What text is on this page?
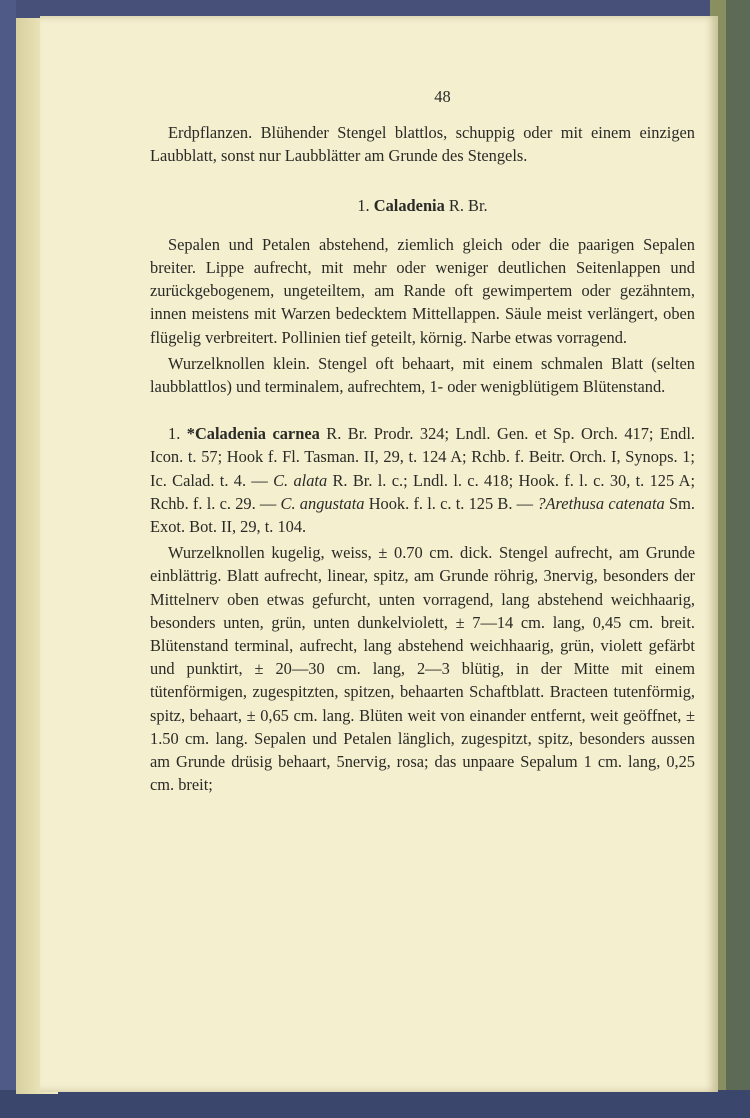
48

Erdpflanzen. Blühender Stengel blattlos, schuppig oder mit einem einzigen Laubblatt, sonst nur Laubblätter am Grunde des Stengels.

1. Caladenia R. Br.

Sepalen und Petalen abstehend, ziemlich gleich oder die paarigen Sepalen breiter. Lippe aufrecht, mit mehr oder weniger deutlichen Seitenlappen und zurückgebogenem, ungeteiltem, am Rande oft gewimpertem oder gezähntem, innen meistens mit Warzen bedecktem Mittellappen. Säule meist verlängert, oben flügelig verbreitert. Pollinien tief geteilt, körnig. Narbe etwas vorragend.

Wurzelknollen klein. Stengel oft behaart, mit einem schmalen Blatt (selten laubblattlos) und terminalem, aufrechtem, 1- oder wenigblütigem Blütenstand.

1. *Caladenia carnea R. Br. Prodr. 324; Lndl. Gen. et Sp. Orch. 417; Endl. Icon. t. 57; Hook f. Fl. Tasman. II, 29, t. 124 A; Rchb. f. Beitr. Orch. I, Synops. 1; Ic. Calad. t. 4. — C. alata R. Br. l. c.; Lndl. l. c. 418; Hook. f. l. c. 30, t. 125 A; Rchb. f. l. c. 29. — C. angustata Hook. f. l. c. t. 125 B. — ?Arethusa catenata Sm. Exot. Bot. II, 29, t. 104.

Wurzelknollen kugelig, weiss, ± 0.70 cm. dick. Stengel aufrecht, am Grunde einblättrig. Blatt aufrecht, linear, spitz, am Grunde röhrig, 3nervig, besonders der Mittelnerv oben etwas gefurcht, unten vorragend, lang abstehend weichhaarig, besonders unten, grün, unten dunkelviolett, ± 7—14 cm. lang, 0,45 cm. breit. Blütenstand terminal, aufrecht, lang abstehend weichhaarig, grün, violett gefärbt und punktirt, ± 20—30 cm. lang, 2—3 blütig, in der Mitte mit einem tütenförmigen, zugespitzten, spitzen, behaarten Schaftblatt. Bracteen tutenförmig, spitz, behaart, ± 0,65 cm. lang. Blüten weit von einander entfernt, weit geöffnet, ± 1.50 cm. lang. Sepalen und Petalen länglich, zugespitzt, spitz, besonders aussen am Grunde drüsig behaart, 5nervig, rosa; das unpaare Sepalum 1 cm. lang, 0,25 cm. breit;
